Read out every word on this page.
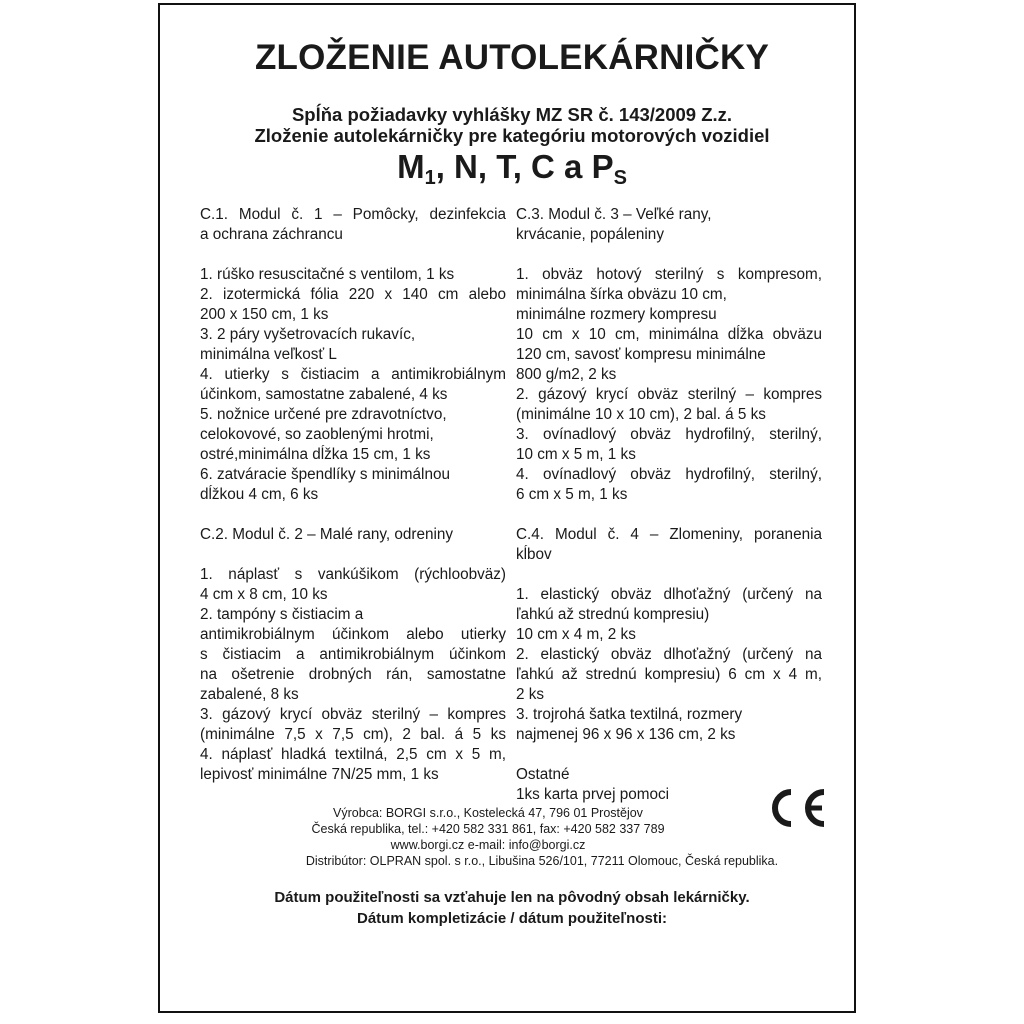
ZLOŽENIE AUTOLEKÁRNIČKY
Spĺňa požiadavky vyhlášky MZ SR č. 143/2009 Z.z.
Zloženie autolekárničky pre kategóriu motorových vozidiel
$M_1$, N, T, C a $P_S$
C.1. Modul č. 1 – Pomôcky, dezinfekcia
a ochrana záchrancu
1. rúško resuscitačné s ventilom, 1 ks
2. izotermická fólia 220 x 140 cm alebo
200 x 150 cm, 1 ks
3. 2 páry vyšetrovacích rukavíc,
minimálna veľkosť L
4. utierky s čistiacim a antimikrobiálnym
účinkom, samostatne zabalené, 4 ks
5. nožnice určené pre zdravotníctvo,
celokovové, so zaoblenými hrotmi,
ostré,minimálna dĺžka 15 cm, 1 ks
6. zatváracie špendlíky s minimálnou
dĺžkou 4 cm, 6 ks
C.2. Modul č. 2 – Malé rany, odreniny
1. náplasť s vankúšikom (rýchloobväz)
4 cm x 8 cm, 10 ks
2. tampóny s čistiacim a
antimikrobiálnym účinkom alebo utierky
s čistiacim a antimikrobiálnym účinkom
na ošetrenie drobných rán, samostatne
zabalené, 8 ks
3. gázový krycí obväz sterilný – kompres
(minimálne 7,5 x 7,5 cm), 2 bal. á 5 ks
4. náplasť hladká textilná, 2,5 cm x 5 m,
lepivosť minimálne 7N/25 mm, 1 ks
C.3. Modul č. 3 – Veľké rany,
krvácanie, popáleniny
1. obväz hotový sterilný s kompresom,
minimálna šírka obväzu 10 cm,
minimálne rozmery kompresu
10 cm x 10 cm, minimálna dĺžka obväzu
120 cm, savosť kompresu minimálne
800 g/m2, 2 ks
2. gázový krycí obväz sterilný – kompres
(minimálne 10 x 10 cm), 2 bal. á 5 ks
3. ovínadlový obväz hydrofilný, sterilný,
10 cm x 5 m, 1 ks
4. ovínadlový obväz hydrofilný, sterilný,
6 cm x 5 m, 1 ks
C.4. Modul č. 4 – Zlomeniny, poranenia
kĺbov
1. elastický obväz dlhoťažný (určený na
ľahkú až strednú kompresiu)
10 cm x 4 m, 2 ks
2. elastický obväz dlhoťažný (určený na
ľahkú až strednú kompresiu) 6 cm x 4 m,
2 ks
3. trojrohá šatka textilná, rozmery
najmenej 96 x 96 x 136 cm, 2 ks
Ostatné
1ks karta prvej pomoci
Výrobca: BORGI s.r.o., Kostelecká 47, 796 01 Prostějov
Česká republika, tel.: +420 582 331 861, fax: +420 582 337 789
www.borgi.cz e-mail: info@borgi.cz
Distribútor: OLPRAN spol. s r.o., Libušina 526/101, 77211 Olomouc, Česká republika.
Dátum použiteľnosti sa vzťahuje len na pôvodný obsah lekárničky.
Dátum kompletizácie / dátum použiteľnosti:
